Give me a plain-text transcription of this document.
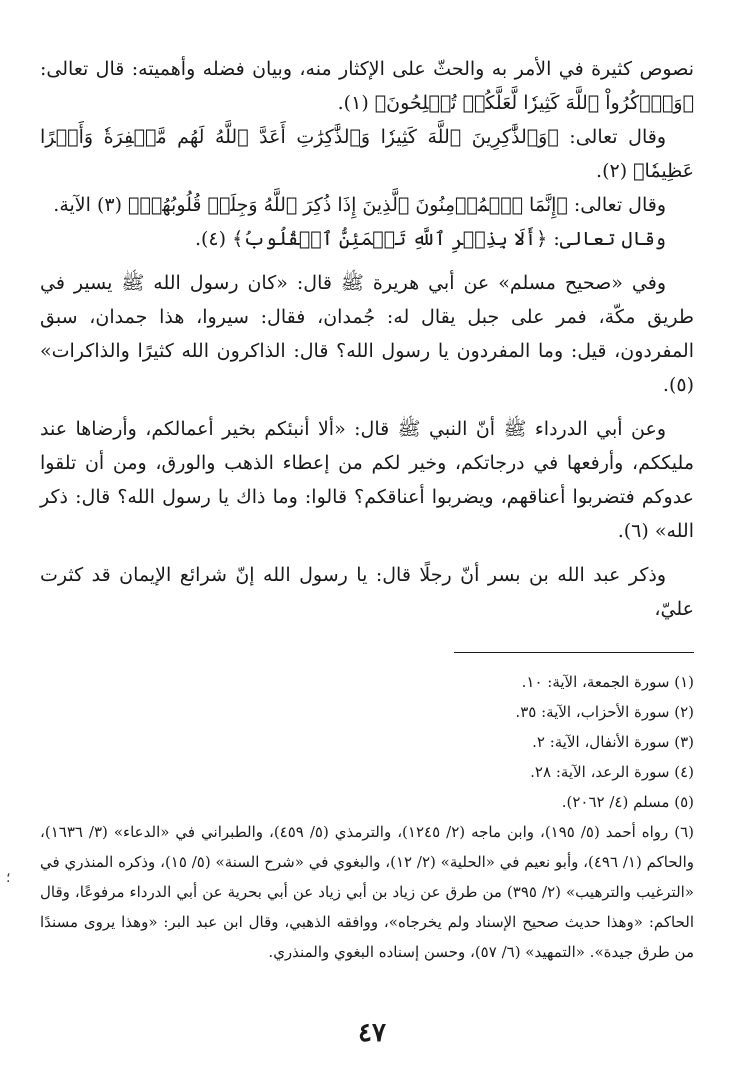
نصوص كثيرة في الأمر به والحثّ على الإكثار منه، وبيان فضله وأهميته: قال تعالى: ﴿وَٱذۡكُرُواْ ٱللَّهَ كَثِيرٗا لَّعَلَّكُمۡ تُفۡلِحُونَ﴾ (١).

وقال تعالى: ﴿وَٱلذَّٰكِرِينَ ٱللَّهَ كَثِيرٗا وَٱلذَّٰكِرَٰتِ أَعَدَّ ٱللَّهُ لَهُم مَّغۡفِرَةٗ وَأَجۡرًا عَظِيمٗا﴾ (٢).

وقال تعالى: ﴿إِنَّمَا ٱلۡمُؤۡمِنُونَ ٱلَّذِينَ إِذَا ذُكِرَ ٱللَّهُ وَجِلَتۡ قُلُوبُهُمۡ﴾ (٣) الآية.

وقال تعالى: ﴿أَلَا بِذِكۡرِ ٱللَّهِ تَطۡمَئِنُّ ٱلۡقُلُوبُ﴾ (٤).

وفي «صحيح مسلم» عن أبي هريرة ﷺ قال: «كان رسول الله ﷺ يسير في طريق مكّة، فمر على جبل يقال له: جُمدان، فقال: سيروا، هذا جمدان، سبق المفردون، قيل: وما المفردون يا رسول الله؟ قال: الذاكرون الله كثيرًا والذاكرات» (٥).

وعن أبي الدرداء ﷺ أنّ النبي ﷺ قال: «ألا أنبئكم بخير أعمالكم، وأرضاها عند مليككم، وأرفعها في درجاتكم، وخير لكم من إعطاء الذهب والورق، ومن أن تلقوا عدوكم فتضربوا أعناقهم، ويضربوا أعناقكم؟ قالوا: وما ذاك يا رسول الله؟ قال: ذكر الله» (٦).

وذكر عبد الله بن بسر أنّ رجلًا قال: يا رسول الله إنّ شرائع الإيمان قد كثرت عليّ،

(١) سورة الجمعة، الآية: ١٠.

(٢) سورة الأحزاب، الآية: ٣٥.

(٣) سورة الأنفال، الآية: ٢.

(٤) سورة الرعد، الآية: ٢٨.

(٥) مسلم (٤/ ٢٠٦٢).

(٦) رواه أحمد (٥/ ١٩٥)، وابن ماجه (٢/ ١٢٤٥)، والترمذي (٥/ ٤٥٩)، والطبراني في «الدعاء» (٣/ ١٦٣٦)، والحاكم (١/ ٤٩٦)، وأبو نعيم في «الحلية» (٢/ ١٢)، والبغوي في «شرح السنة» (٥/ ١٥)، وذكره المنذري في «الترغيب والترهيب» (٢/ ٣٩٥) من طرق عن زياد بن أبي زياد عن أبي بحرية عن أبي الدرداء مرفوعًا، وقال الحاكم: «وهذا حديث صحيح الإسناد ولم يخرجاه»، ووافقه الذهبي، وقال ابن عبد البر: «وهذا يروى مسندًا من طرق جيدة». «التمهيد» (٦/ ٥٧)، وحسن إسناده البغوي والمنذري.

؛
٤٧
